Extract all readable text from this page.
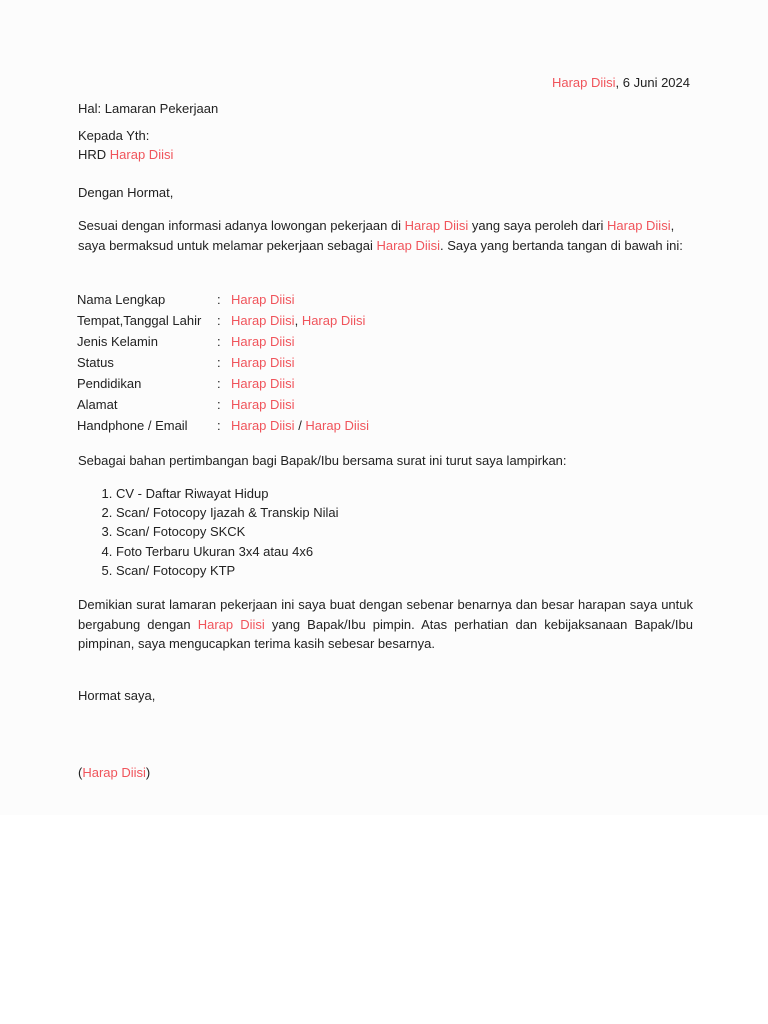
Harap Diisi, 6 Juni 2024
Hal: Lamaran Pekerjaan
Kepada Yth:
HRD Harap Diisi
Dengan Hormat,
Sesuai dengan informasi adanya lowongan pekerjaan di Harap Diisi yang saya peroleh dari Harap Diisi,
saya bermaksud untuk melamar pekerjaan sebagai Harap Diisi. Saya yang bertanda tangan di bawah ini:
Nama Lengkap	:	Harap Diisi
Tempat,Tanggal Lahir	:	Harap Diisi, Harap Diisi
Jenis Kelamin	:	Harap Diisi
Status	:	Harap Diisi
Pendidikan	:	Harap Diisi
Alamat	:	Harap Diisi
Handphone / Email	:	Harap Diisi / Harap Diisi
Sebagai bahan pertimbangan bagi Bapak/Ibu bersama surat ini turut saya lampirkan:
1. CV - Daftar Riwayat Hidup
2. Scan/ Fotocopy Ijazah & Transkip Nilai
3. Scan/ Fotocopy SKCK
4. Foto Terbaru Ukuran 3x4 atau 4x6
5. Scan/ Fotocopy KTP
Demikian surat lamaran pekerjaan ini saya buat dengan sebenar benarnya dan besar harapan saya untuk bergabung dengan Harap Diisi yang Bapak/Ibu pimpin. Atas perhatian dan kebijaksanaan Bapak/Ibu pimpinan, saya mengucapkan terima kasih sebesar besarnya.
Hormat saya,
(Harap Diisi)
